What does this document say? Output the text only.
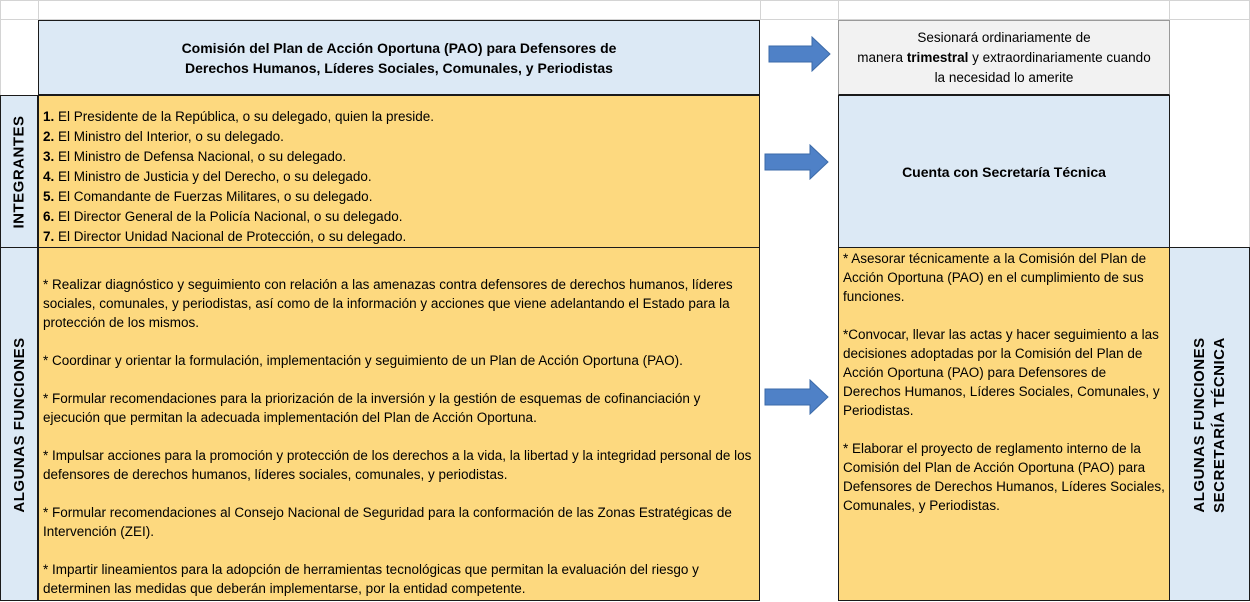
Comisión del Plan de Acción Oportuna (PAO) para Defensores de
Derechos Humanos, Líderes Sociales, Comunales, y Periodistas
Sesionará ordinariamente de
manera trimestral y extraordinariamente cuando
la necesidad lo amerite
INTEGRANTES 1. El Presidente de la República, o su delegado, quien la preside.
2. El Ministro del Interior, o su delegado.
3. El Ministro de Defensa Nacional, o su delegado.
4. El Ministro de Justicia y del Derecho, o su delegado.
5. El Comandante de Fuerzas Militares, o su delegado.
6. El Director General de la Policía Nacional, o su delegado.
7. El Director Unidad Nacional de Protección, o su delegado.
Cuenta con Secretaría Técnica
ALGUNAS FUNCIONES

* Realizar diagnóstico y seguimiento con relación a las amenazas contra defensores de derechos humanos, líderes sociales, comunales, y periodistas, así como de la información y acciones que viene adelantando el Estado para la protección de los mismos.

* Coordinar y orientar la formulación, implementación y seguimiento de un Plan de Acción Oportuna (PAO).

* Formular recomendaciones para la priorización de la inversión y la gestión de esquemas de cofinanciación y ejecución que permitan la adecuada implementación del Plan de Acción Oportuna.

* Impulsar acciones para la promoción y protección de los derechos a la vida, la libertad y la integridad personal de los defensores de derechos humanos, líderes sociales, comunales, y periodistas.

* Formular recomendaciones al Consejo Nacional de Seguridad para la conformación de las Zonas Estratégicas de Intervención (ZEI).

* Impartir lineamientos para la adopción de herramientas tecnológicas que permitan la evaluación del riesgo y determinen las medidas que deberán implementarse, por la entidad competente.

* Asesorar técnicamente a la Comisión del Plan de Acción Oportuna (PAO) en el cumplimiento de sus funciones.

*Convocar, llevar las actas y hacer seguimiento a las decisiones adoptadas por la Comisión del Plan de Acción Oportuna (PAO) para Defensores de Derechos Humanos, Líderes Sociales, Comunales, y Periodistas.

* Elaborar el proyecto de reglamento interno de la Comisión del Plan de Acción Oportuna (PAO) para Defensores de Derechos Humanos, Líderes Sociales, Comunales, y Periodistas.	ALGUNAS FUNCIONES SECRETARÍA TÉCNICA
